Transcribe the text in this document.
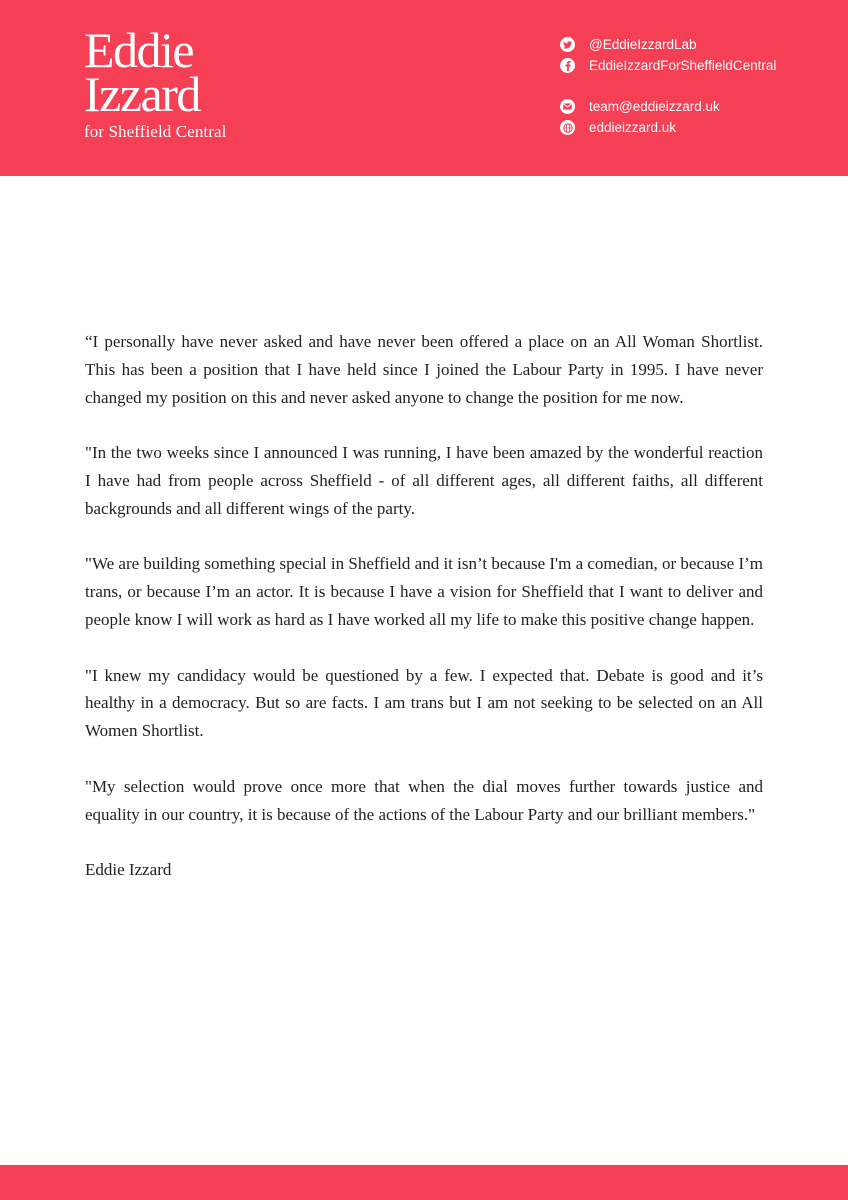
Eddie
Izzard
for Sheffield Central
@EddieIzzardLab
EddieIzzardForSheffieldCentral
team@eddieizzard.uk
eddieizzard.uk

“I personally have never asked and have never been offered a place on an All Woman Shortlist. This has been a position that I have held since I joined the Labour Party in 1995. I have never changed my position on this and never asked anyone to change the position for me now.

"In the two weeks since I announced I was running, I have been amazed by the wonderful reaction I have had from people across Sheffield - of all different ages, all different faiths, all different backgrounds and all different wings of the party.

"We are building something special in Sheffield and it isn’t because I'm a comedian, or because I’m trans, or because I’m an actor. It is because I have a vision for Sheffield that I want to deliver and people know I will work as hard as I have worked all my life to make this positive change happen.

"I knew my candidacy would be questioned by a few. I expected that. Debate is good and it’s healthy in a democracy. But so are facts. I am trans but I am not seeking to be selected on an All Women Shortlist.

"My selection would prove once more that when the dial moves further towards justice and equality in our country, it is because of the actions of the Labour Party and our brilliant members."

Eddie Izzard
